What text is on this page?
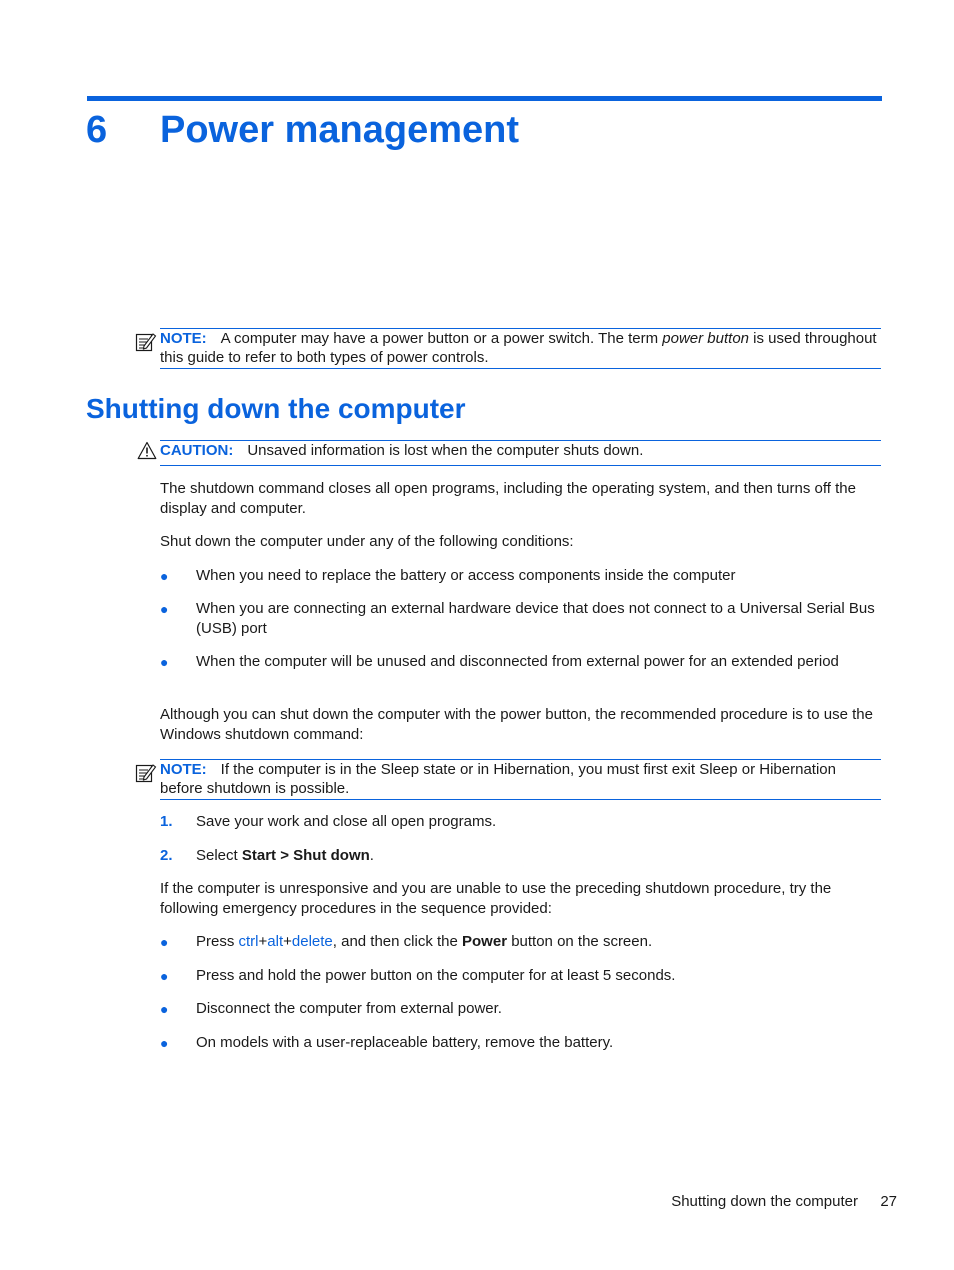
6 Power management
NOTE: A computer may have a power button or a power switch. The term power button is used throughout this guide to refer to both types of power controls.
Shutting down the computer
CAUTION: Unsaved information is lost when the computer shuts down.
The shutdown command closes all open programs, including the operating system, and then turns off the display and computer.
Shut down the computer under any of the following conditions:
● When you need to replace the battery or access components inside the computer
● When you are connecting an external hardware device that does not connect to a Universal Serial Bus (USB) port
● When the computer will be unused and disconnected from external power for an extended period
Although you can shut down the computer with the power button, the recommended procedure is to use the Windows shutdown command:
NOTE: If the computer is in the Sleep state or in Hibernation, you must first exit Sleep or Hibernation before shutdown is possible.
1. Save your work and close all open programs.
2. Select Start > Shut down.
If the computer is unresponsive and you are unable to use the preceding shutdown procedure, try the following emergency procedures in the sequence provided:
● Press ctrl+alt+delete, and then click the Power button on the screen.
● Press and hold the power button on the computer for at least 5 seconds.
● Disconnect the computer from external power.
● On models with a user-replaceable battery, remove the battery.
Shutting down the computer 27
